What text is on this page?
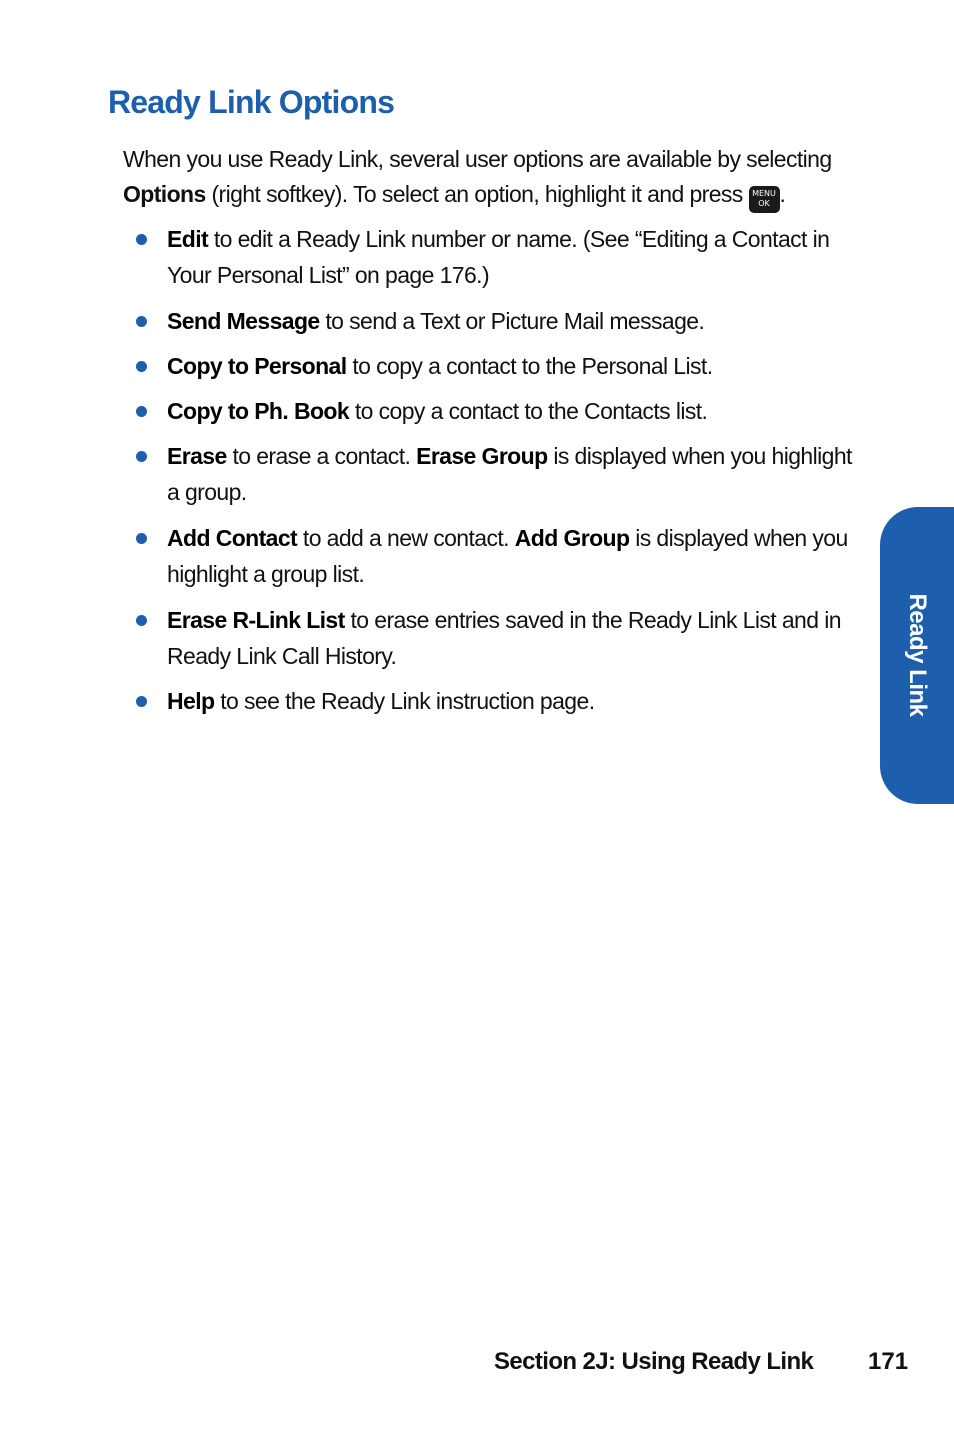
Ready Link Options

When you use Ready Link, several user options are available by selecting Options (right softkey). To select an option, highlight it and press MENU
OK .

Edit to edit a Ready Link number or name. (See “Editing a Contact in Your Personal List” on page 176.)
Send Message to send a Text or Picture Mail message.
Copy to Personal to copy a contact to the Personal List.
Copy to Ph. Book to copy a contact to the Contacts list.
Erase to erase a contact. Erase Group is displayed when you highlight a group.
Add Contact to add a new contact. Add Group is displayed when you highlight a group list.
Erase R-Link List to erase entries saved in the Ready Link List and in Ready Link Call History.
Help to see the Ready Link instruction page.	Ready Link
Section 2J: Using Ready Link 171
